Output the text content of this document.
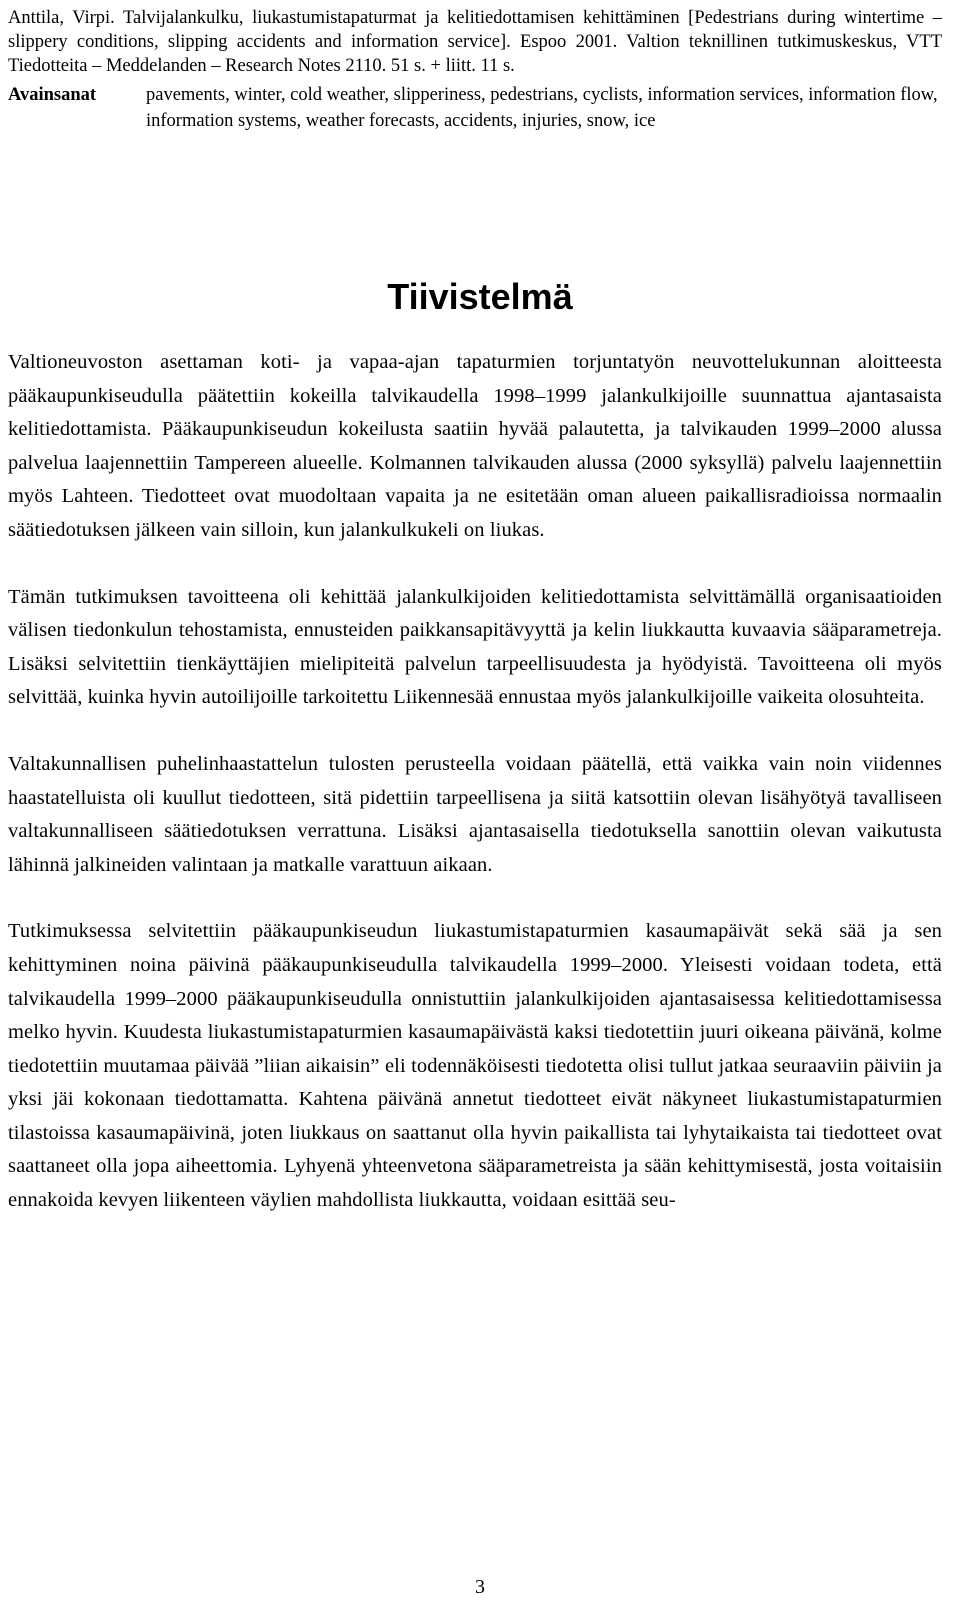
Anttila, Virpi. Talvijalankulku, liukastumistapaturmat ja kelitiedottamisen kehittäminen [Pedestrians during wintertime – slippery conditions, slipping accidents and information service]. Espoo 2001. Valtion teknillinen tutkimuskeskus, VTT Tiedotteita – Meddelanden – Research Notes 2110. 51 s. + liitt. 11 s.

Avainsanat	pavements, winter, cold weather, slipperiness, pedestrians, cyclists, information services, information flow, information systems, weather forecasts, accidents, injuries, snow, ice
Tiivistelmä

Valtioneuvoston asettaman koti- ja vapaa-ajan tapaturmien torjuntatyön neuvottelukunnan aloitteesta pääkaupunkiseudulla päätettiin kokeilla talvikaudella 1998–1999 jalankulkijoille suunnattua ajantasaista kelitiedottamista. Pääkaupunkiseudun kokeilusta saatiin hyvää palautetta, ja talvikauden 1999–2000 alussa palvelua laajennettiin Tampereen alueelle. Kolmannen talvikauden alussa (2000 syksyllä) palvelu laajennettiin myös Lahteen. Tiedotteet ovat muodoltaan vapaita ja ne esitetään oman alueen paikallisradioissa normaalin säätiedotuksen jälkeen vain silloin, kun jalankulkukeli on liukas.

Tämän tutkimuksen tavoitteena oli kehittää jalankulkijoiden kelitiedottamista selvittämällä organisaatioiden välisen tiedonkulun tehostamista, ennusteiden paikkansapitävyyttä ja kelin liukkautta kuvaavia sääparametreja. Lisäksi selvitettiin tienkäyttäjien mielipiteitä palvelun tarpeellisuudesta ja hyödyistä. Tavoitteena oli myös selvittää, kuinka hyvin autoilijoille tarkoitettu Liikennesää ennustaa myös jalankulkijoille vaikeita olosuhteita.

Valtakunnallisen puhelinhaastattelun tulosten perusteella voidaan päätellä, että vaikka vain noin viidennes haastatelluista oli kuullut tiedotteen, sitä pidettiin tarpeellisena ja siitä katsottiin olevan lisähyötyä tavalliseen valtakunnalliseen säätiedotuksen verrattuna. Lisäksi ajantasaisella tiedotuksella sanottiin olevan vaikutusta lähinnä jalkineiden valintaan ja matkalle varattuun aikaan.

Tutkimuksessa selvitettiin pääkaupunkiseudun liukastumistapaturmien kasaumapäivät sekä sää ja sen kehittyminen noina päivinä pääkaupunkiseudulla talvikaudella 1999–2000. Yleisesti voidaan todeta, että talvikaudella 1999–2000 pääkaupunkiseudulla onnistuttiin jalankulkijoiden ajantasaisessa kelitiedottamisessa melko hyvin. Kuudesta liukastumistapaturmien kasaumapäivästä kaksi tiedotettiin juuri oikeana päivänä, kolme tiedotettiin muutamaa päivää ”liian aikaisin” eli todennäköisesti tiedotetta olisi tullut jatkaa seuraaviin päiviin ja yksi jäi kokonaan tiedottamatta. Kahtena päivänä annetut tiedotteet eivät näkyneet liukastumistapaturmien tilastoissa kasaumapäivinä, joten liukkaus on saattanut olla hyvin paikallista tai lyhytaikaista tai tiedotteet ovat saattaneet olla jopa aiheettomia. Lyhyenä yhteenvetona sääparametreista ja sään kehittymisestä, josta voitaisiin ennakoida kevyen liikenteen väylien mahdollista liukkautta, voidaan esittää seu-

3
